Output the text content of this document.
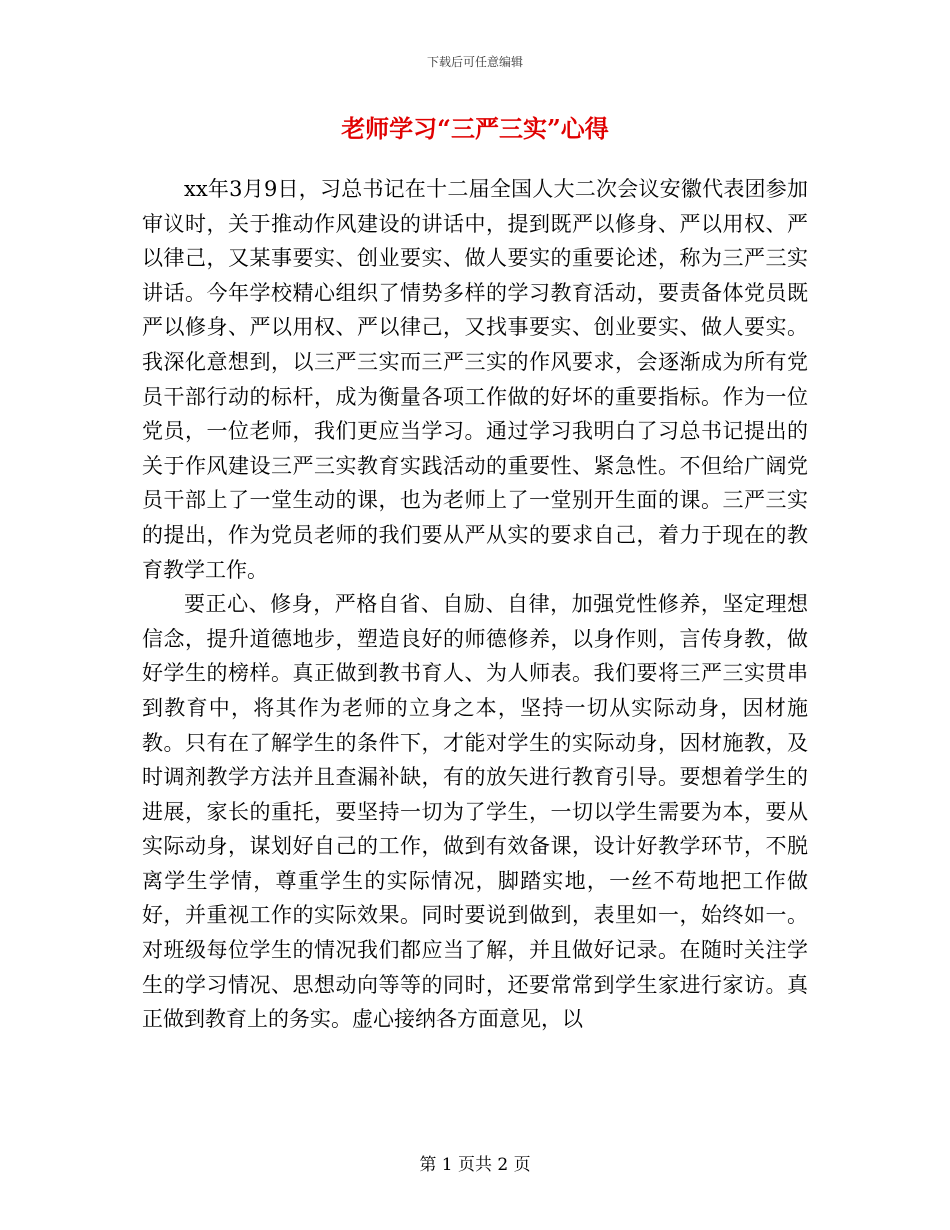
下载后可任意编辑
老师学习“三严三实”心得

xx年3月9日，习总书记在十二届全国人大二次会议安徽代表团参加审议时，关于推动作风建设的讲话中，提到既严以修身、严以用权、严以律己，又某事要实、创业要实、做人要实的重要论述，称为三严三实讲话。今年学校精心组织了情势多样的学习教育活动，要责备体党员既严以修身、严以用权、严以律己，又找事要实、创业要实、做人要实。我深化意想到，以三严三实而三严三实的作风要求，会逐渐成为所有党员干部行动的标杆，成为衡量各项工作做的好坏的重要指标。作为一位党员，一位老师，我们更应当学习。通过学习我明白了习总书记提出的关于作风建设三严三实教育实践活动的重要性、紧急性。不但给广阔党员干部上了一堂生动的课，也为老师上了一堂别开生面的课。三严三实的提出，作为党员老师的我们要从严从实的要求自己，着力于现在的教育教学工作。

要正心、修身，严格自省、自励、自律，加强党性修养，坚定理想信念，提升道德地步，塑造良好的师德修养，以身作则，言传身教，做好学生的榜样。真正做到教书育人、为人师表。我们要将三严三实贯串到教育中，将其作为老师的立身之本，坚持一切从实际动身，因材施教。只有在了解学生的条件下，才能对学生的实际动身，因材施教，及时调剂教学方法并且查漏补缺，有的放矢进行教育引导。要想着学生的进展，家长的重托，要坚持一切为了学生，一切以学生需要为本，要从实际动身，谋划好自己的工作，做到有效备课，设计好教学环节，不脱离学生学情，尊重学生的实际情况，脚踏实地，一丝不苟地把工作做好，并重视工作的实际效果。同时要说到做到，表里如一，始终如一。对班级每位学生的情况我们都应当了解，并且做好记录。在随时关注学生的学习情况、思想动向等等的同时，还要常常到学生家进行家访。真正做到教育上的务实。虚心接纳各方面意见，以

第 1 页共 2 页
